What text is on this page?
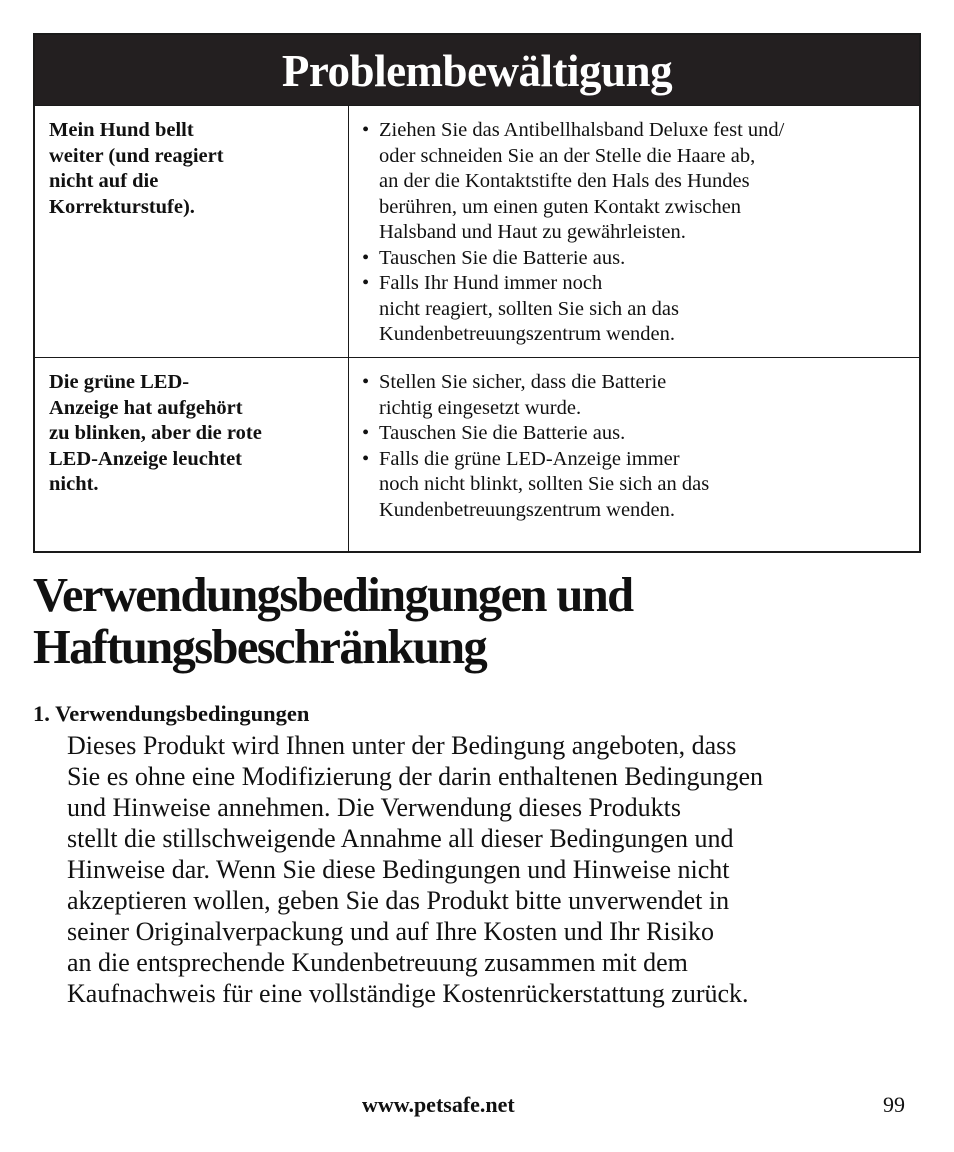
Problembewältigung
Mein Hund bellt
weiter (und reagiert
nicht auf die
Korrekturstufe).
• Ziehen Sie das Antibellhalsband Deluxe fest und/
oder schneiden Sie an der Stelle die Haare ab,
an der die Kontaktstifte den Hals des Hundes
berühren, um einen guten Kontakt zwischen
Halsband und Haut zu gewährleisten.
• Tauschen Sie die Batterie aus.
• Falls Ihr Hund immer noch
nicht reagiert, sollten Sie sich an das
Kundenbetreuungszentrum wenden.
Die grüne LED-
Anzeige hat aufgehört
zu blinken, aber die rote
LED-Anzeige leuchtet
nicht.
• Stellen Sie sicher, dass die Batterie
richtig eingesetzt wurde.
• Tauschen Sie die Batterie aus.
• Falls die grüne LED-Anzeige immer
noch nicht blinkt, sollten Sie sich an das
Kundenbetreuungszentrum wenden.
Verwendungsbedingungen und
Haftungsbeschränkung
1. Verwendungsbedingungen
Dieses Produkt wird Ihnen unter der Bedingung angeboten, dass
Sie es ohne eine Modifizierung der darin enthaltenen Bedingungen
und Hinweise annehmen. Die Verwendung dieses Produkts
stellt die stillschweigende Annahme all dieser Bedingungen und
Hinweise dar. Wenn Sie diese Bedingungen und Hinweise nicht
akzeptieren wollen, geben Sie das Produkt bitte unverwendet in
seiner Originalverpackung und auf Ihre Kosten und Ihr Risiko
an die entsprechende Kundenbetreuung zusammen mit dem
Kaufnachweis für eine vollständige Kostenrückerstattung zurück.
www.petsafe.net	99
